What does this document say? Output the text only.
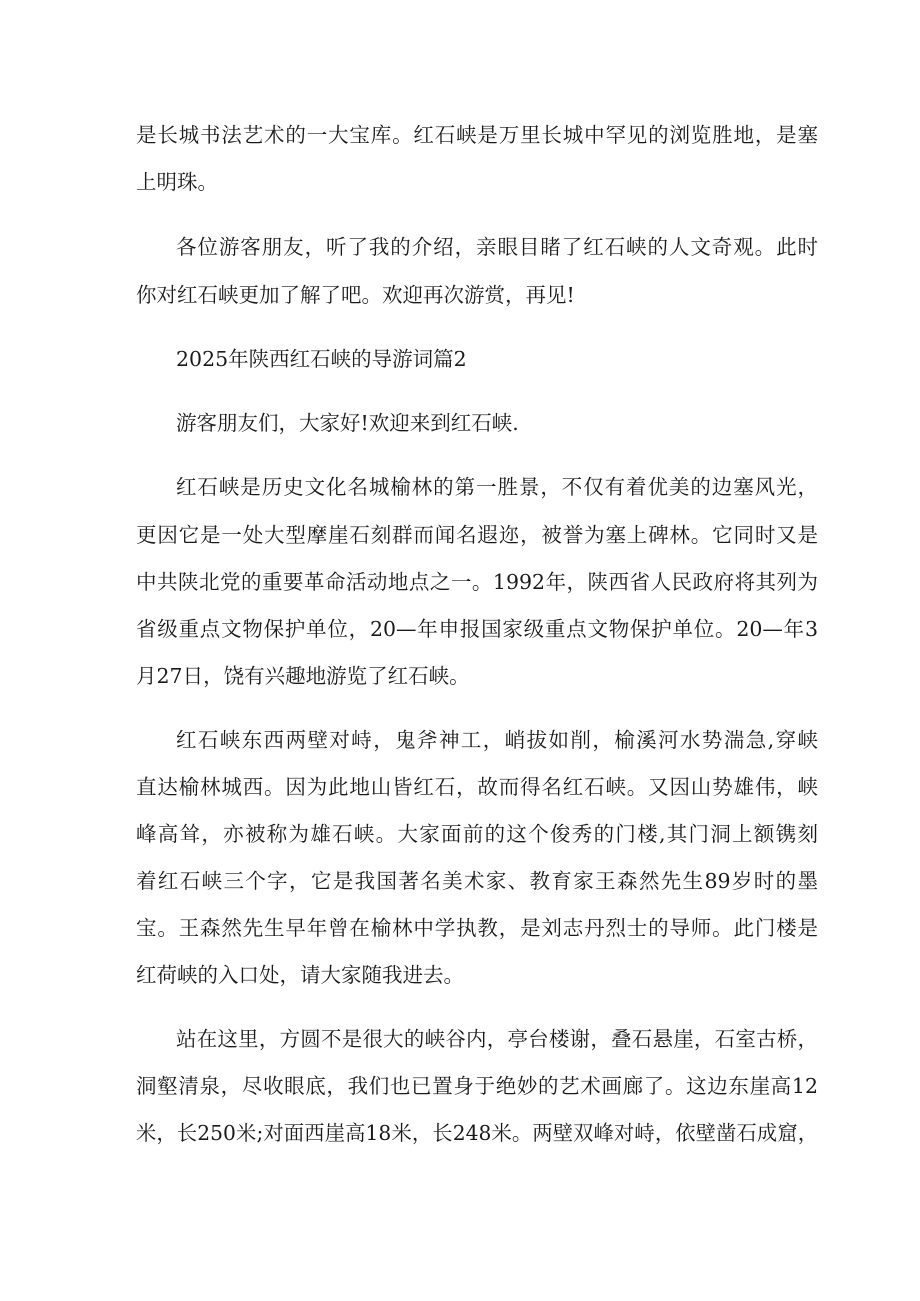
是长城书法艺术的一大宝库。红石峡是万里长城中罕见的浏览胜地，是塞
上明珠。
各位游客朋友，听了我的介绍，亲眼目睹了红石峡的人文奇观。此时
你对红石峡更加了解了吧。欢迎再次游赏，再见!
2025年陕西红石峡的导游词篇2
游客朋友们，大家好!欢迎来到红石峡.
红石峡是历史文化名城榆林的第一胜景，不仅有着优美的边塞风光，
更因它是一处大型摩崖石刻群而闻名遐迩，被誉为塞上碑林。它同时又是
中共陕北党的重要革命活动地点之一。1992年，陕西省人民政府将其列为
省级重点文物保护单位，20—年申报国家级重点文物保护单位。20—年3
月27日，饶有兴趣地游览了红石峡。
红石峡东西两壁对峙，鬼斧神工，峭拔如削，榆溪河水势湍急,穿峡
直达榆林城西。因为此地山皆红石，故而得名红石峡。又因山势雄伟，峡
峰高耸，亦被称为雄石峡。大家面前的这个俊秀的门楼,其门洞上额镌刻
着红石峡三个字，它是我国著名美术家、教育家王森然先生89岁时的墨
宝。王森然先生早年曾在榆林中学执教，是刘志丹烈士的导师。此门楼是
红荷峡的入口处，请大家随我进去。
站在这里，方圆不是很大的峡谷内，亭台楼谢，叠石悬崖，石室古桥，
洞壑清泉，尽收眼底，我们也已置身于绝妙的艺术画廊了。这边东崖高12
米，长250米;对面西崖高18米，长248米。两壁双峰对峙，依壁凿石成窟，
